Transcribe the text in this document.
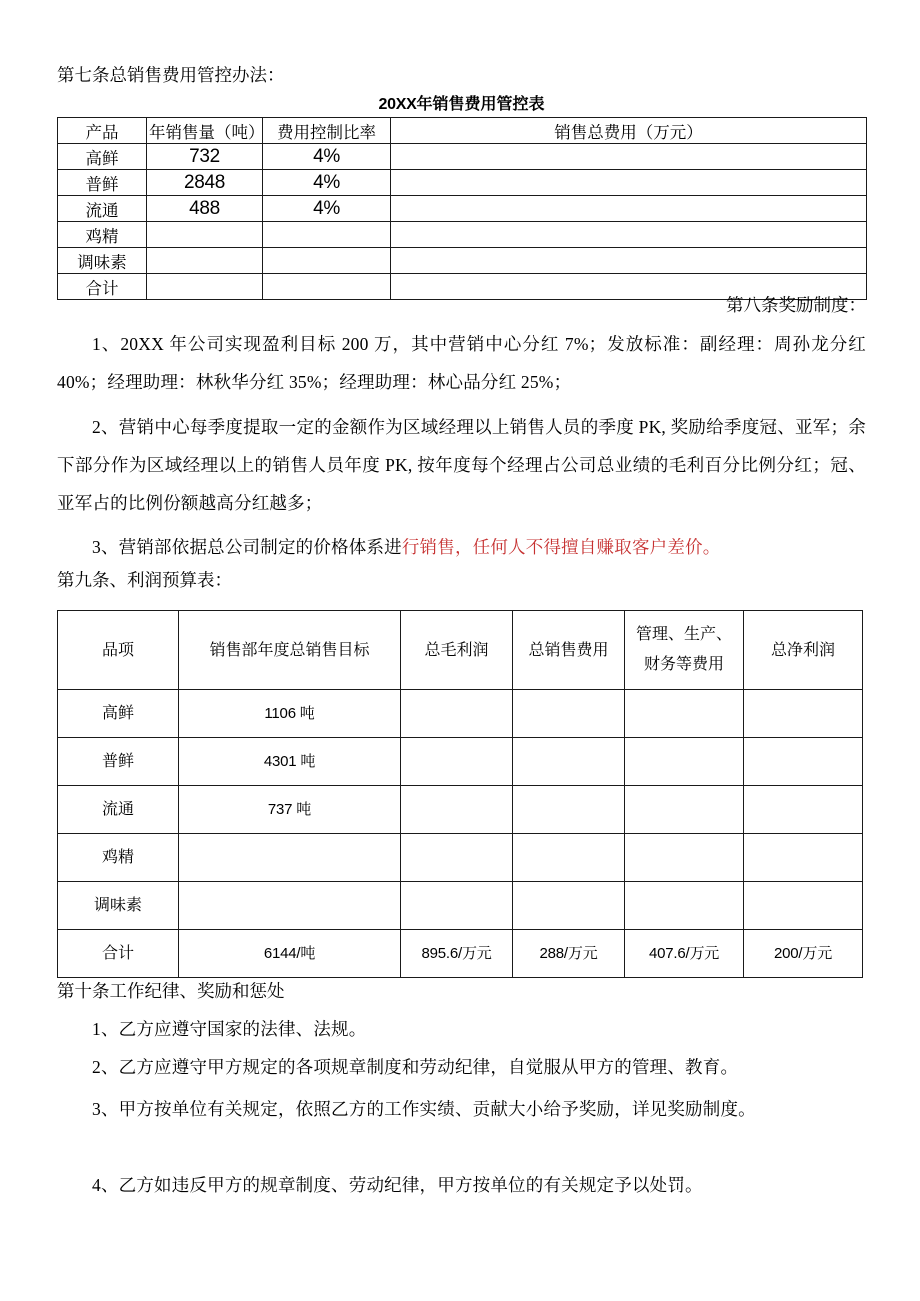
第七条总销售费用管控办法：
20XX年销售费用管控表
产品	年销售量（吨）	费用控制比率	销售总费用（万元）
高鲜	732	4%	
普鲜	2848	4%	
流通	488	4%	
鸡精			
调味素			
合计			
第八条奖励制度：

1、20XX 年公司实现盈利目标 200 万，其中营销中心分红 7%；发放标准：副经理：周孙龙分红 40%；经理助理：林秋华分红 35%；经理助理：林心品分红 25%；

2、营销中心每季度提取一定的金额作为区域经理以上销售人员的季度 PK, 奖励给季度冠、亚军；余下部分作为区域经理以上的销售人员年度 PK, 按年度每个经理占公司总业绩的毛利百分比例分红；冠、亚军占的比例份额越高分红越多；

3、营销部依据总公司制定的价格体系进行销售，任何人不得擅自赚取客户差价。

第九条、利润预算表：
品项	销售部年度总销售目标	总毛利润	总销售费用	管理、生产、
财务等费用	总净利润
高鲜	1106 吨				
普鲜	4301 吨				
流通	737 吨				
鸡精					
调味素					
合计	6144/吨	895.6/万元	288/万元	407.6/万元	200/万元
第十条工作纪律、奖励和惩处

1、乙方应遵守国家的法律、法规。

2、乙方应遵守甲方规定的各项规章制度和劳动纪律，自觉服从甲方的管理、教育。

3、甲方按单位有关规定，依照乙方的工作实绩、贡献大小给予奖励，详见奖励制度。

4、乙方如违反甲方的规章制度、劳动纪律，甲方按单位的有关规定予以处罚。
